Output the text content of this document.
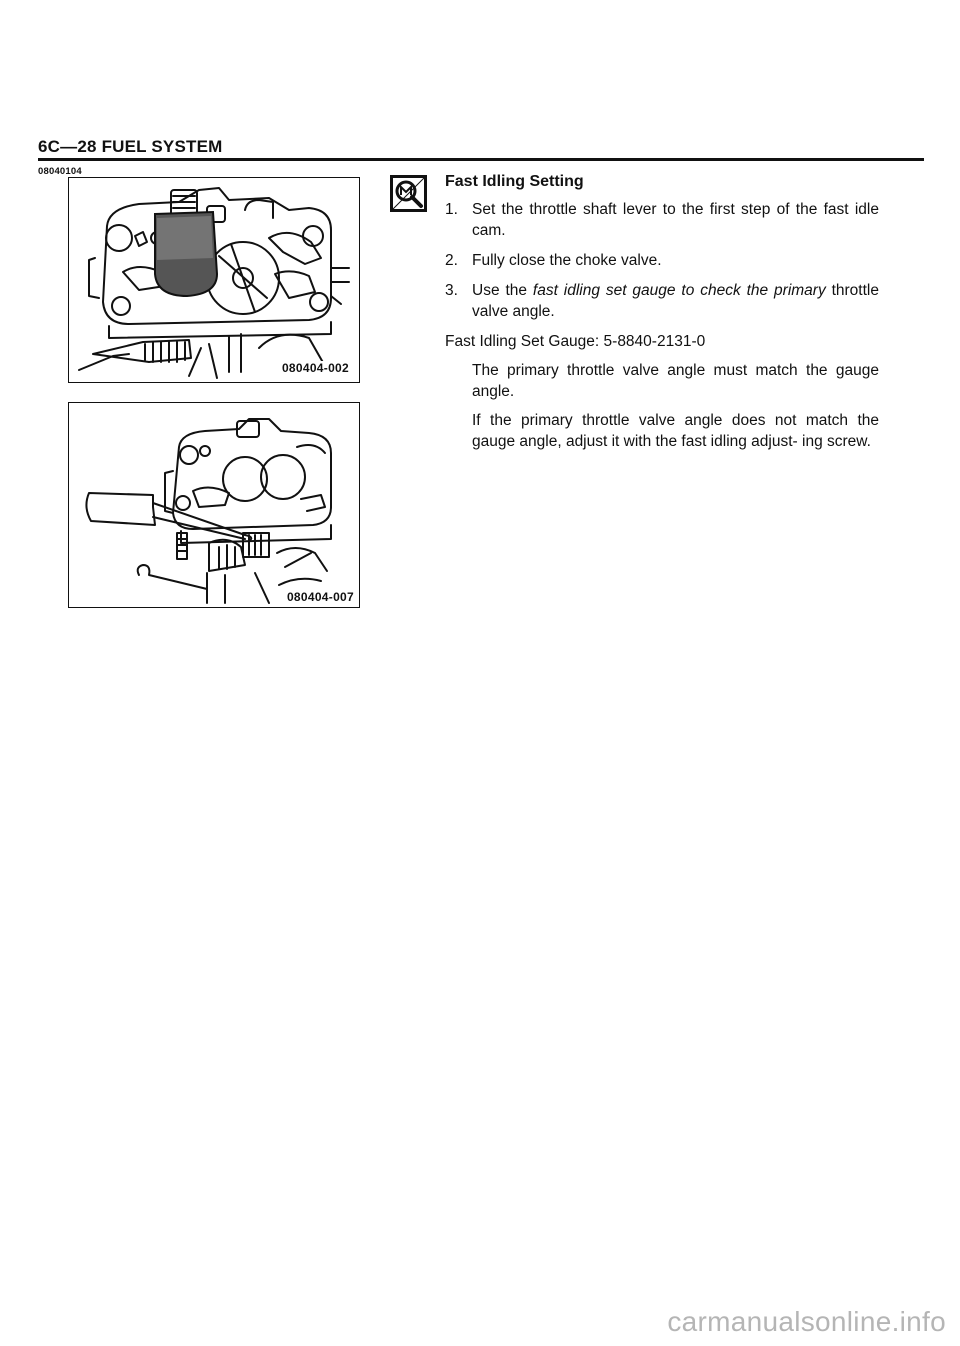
6C—28 FUEL SYSTEM
08040104
080404-002
080404-007
Fast Idling Setting
1. Set the throttle shaft lever to the first step of the fast idle cam.
2. Fully close the choke valve.
3. Use the fast idling set gauge to check the primary throttle valve angle.
Fast Idling Set Gauge: 5-8840-2131-0
The primary throttle valve angle must match the gauge angle.
If the primary throttle valve angle does not match the gauge angle, adjust it with the fast idling adjust- ing screw.
carmanualsonline.info
